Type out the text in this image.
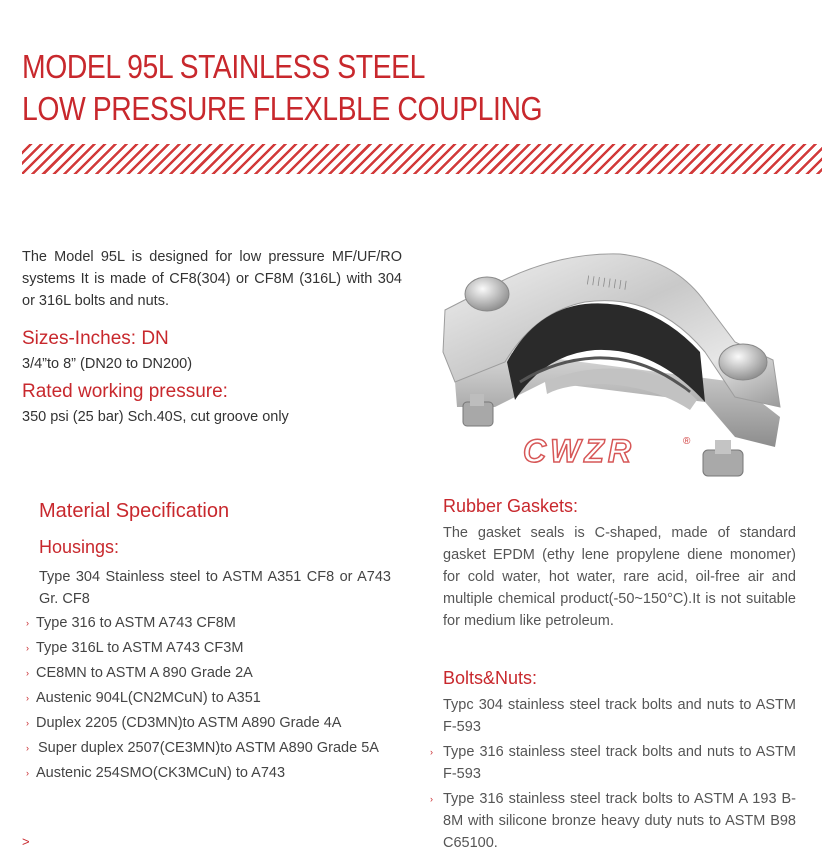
MODEL 95L STAINLESS STEEL
LOW PRESSURE FLEXLBLE COUPLING

The Model 95L is designed for low pressure MF/UF/RO systems It is made of CF8(304) or CF8M (316L) with 304 or 316L bolts and nuts.

Sizes-Inches: DN

3/4”to 8” (DN20 to DN200)

Rated working pressure:

350 psi (25 bar) Sch.40S, cut groove only

||||||||
CWZR	®
Material Specification
Housings:

Type 304 Stainless steel to ASTM A351 CF8 or A743 Gr. CF8

› Type 316 to ASTM A743 CF8M
› Type 316L to ASTM A743 CF3M
› CE8MN to ASTM A 890 Grade 2A
› Austenic 904L(CN2MCuN) to A351
› Duplex 2205 (CD3MN)to ASTM A890 Grade 4A
› Super duplex 2507(CE3MN)to ASTM A890 Grade 5A
› Austenic 254SMO(CK3MCuN) to A743
>
Rubber Gaskets:

The gasket seals is C-shaped, made of standard gasket EPDM (ethy lene propylene diene monomer) for cold water, hot water, rare acid, oil-free air and multiple chemical product(-50~150°C).It is not suitable for medium like petroleum.

Bolts&Nuts:
Typc 304 stainless steel track bolts and nuts to ASTM F-593
› Type 316 stainless steel track bolts and nuts to ASTM F-593
› Type 316 stainless steel track bolts to ASTM A 193 B-8M with silicone bronze heavy duty nuts to ASTM B98 C65100.
